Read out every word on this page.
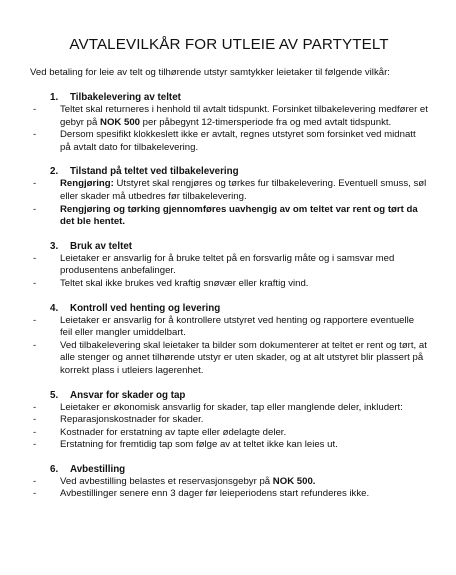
AVTALEVILKÅR FOR UTLEIE AV PARTYTELT

Ved betaling for leie av telt og tilhørende utstyr samtykker leietaker til følgende vilkår:

1.	Tilbakelevering av teltet
-	Teltet skal returneres i henhold til avtalt tidspunkt. Forsinket tilbakelevering medfører et gebyr på NOK 500 per påbegynt 12-timersperiode fra og med avtalt tidspunkt.
-	Dersom spesifikt klokkeslett ikke er avtalt, regnes utstyret som forsinket ved midnatt på avtalt dato for tilbakelevering.
2.	Tilstand på teltet ved tilbakelevering
-	Rengjøring: Utstyret skal rengjøres og tørkes fur tilbakelevering. Eventuell smuss, søl eller skader må utbedres før tilbakelevering.
-	Rengjøring og tørking gjennomføres uavhengig av om teltet var rent og tørt da det ble hentet.
3.	Bruk av teltet
-	Leietaker er ansvarlig for å bruke teltet på en forsvarlig måte og i samsvar med produsentens anbefalinger.
-	Teltet skal ikke brukes ved kraftig snøvær eller kraftig vind.
4.	Kontroll ved henting og levering
-	Leietaker er ansvarlig for å kontrollere utstyret ved henting og rapportere eventuelle feil eller mangler umiddelbart.
-	Ved tilbakelevering skal leietaker ta bilder som dokumenterer at teltet er rent og tørt, at alle stenger og annet tilhørende utstyr er uten skader, og at alt utstyret blir plassert på korrekt plass i utleiers lagerenhet.
5.	Ansvar for skader og tap
-	Leietaker er økonomisk ansvarlig for skader, tap eller manglende deler, inkludert:
-	Reparasjonskostnader for skader.
-	Kostnader for erstatning av tapte eller ødelagte deler.
-	Erstatning for fremtidig tap som følge av at teltet ikke kan leies ut.
6.	Avbestilling
-	Ved avbestilling belastes et reservasjonsgebyr på NOK 500.
-	Avbestillinger senere enn 3 dager før leieperiodens start refunderes ikke.
